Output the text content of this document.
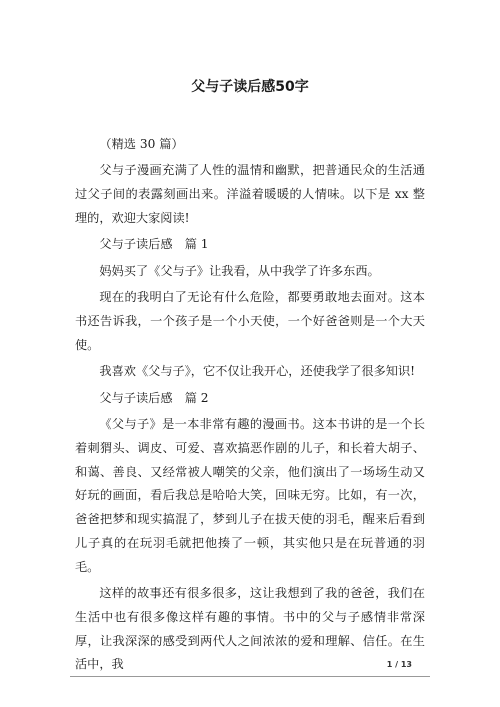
父与子读后感50字

（精选 30 篇）

父与子漫画充满了人性的温情和幽默，把普通民众的生活通过父子间的表露刻画出来。洋溢着暖暖的人情味。以下是 xx 整理的，欢迎大家阅读!

父与子读后感　篇 1

妈妈买了《父与子》让我看，从中我学了许多东西。

现在的我明白了无论有什么危险，都要勇敢地去面对。这本书还告诉我，一个孩子是一个小天使，一个好爸爸则是一个大天使。

我喜欢《父与子》，它不仅让我开心，还使我学了很多知识!

父与子读后感　篇 2

《父与子》是一本非常有趣的漫画书。这本书讲的是一个长着刺猬头、调皮、可爱、喜欢搞恶作剧的儿子，和长着大胡子、和蔼、善良、又经常被人嘲笑的父亲，他们演出了一场场生动又好玩的画面，看后我总是哈哈大笑，回味无穷。比如，有一次，爸爸把梦和现实搞混了，梦到儿子在拔天使的羽毛，醒来后看到儿子真的在玩羽毛就把他揍了一顿，其实他只是在玩普通的羽毛。

这样的故事还有很多很多，这让我想到了我的爸爸，我们在生活中也有很多像这样有趣的事情。书中的父与子感情非常深厚，让我深深的感受到两代人之间浓浓的爱和理解、信任。在生活中，我	1 / 13
